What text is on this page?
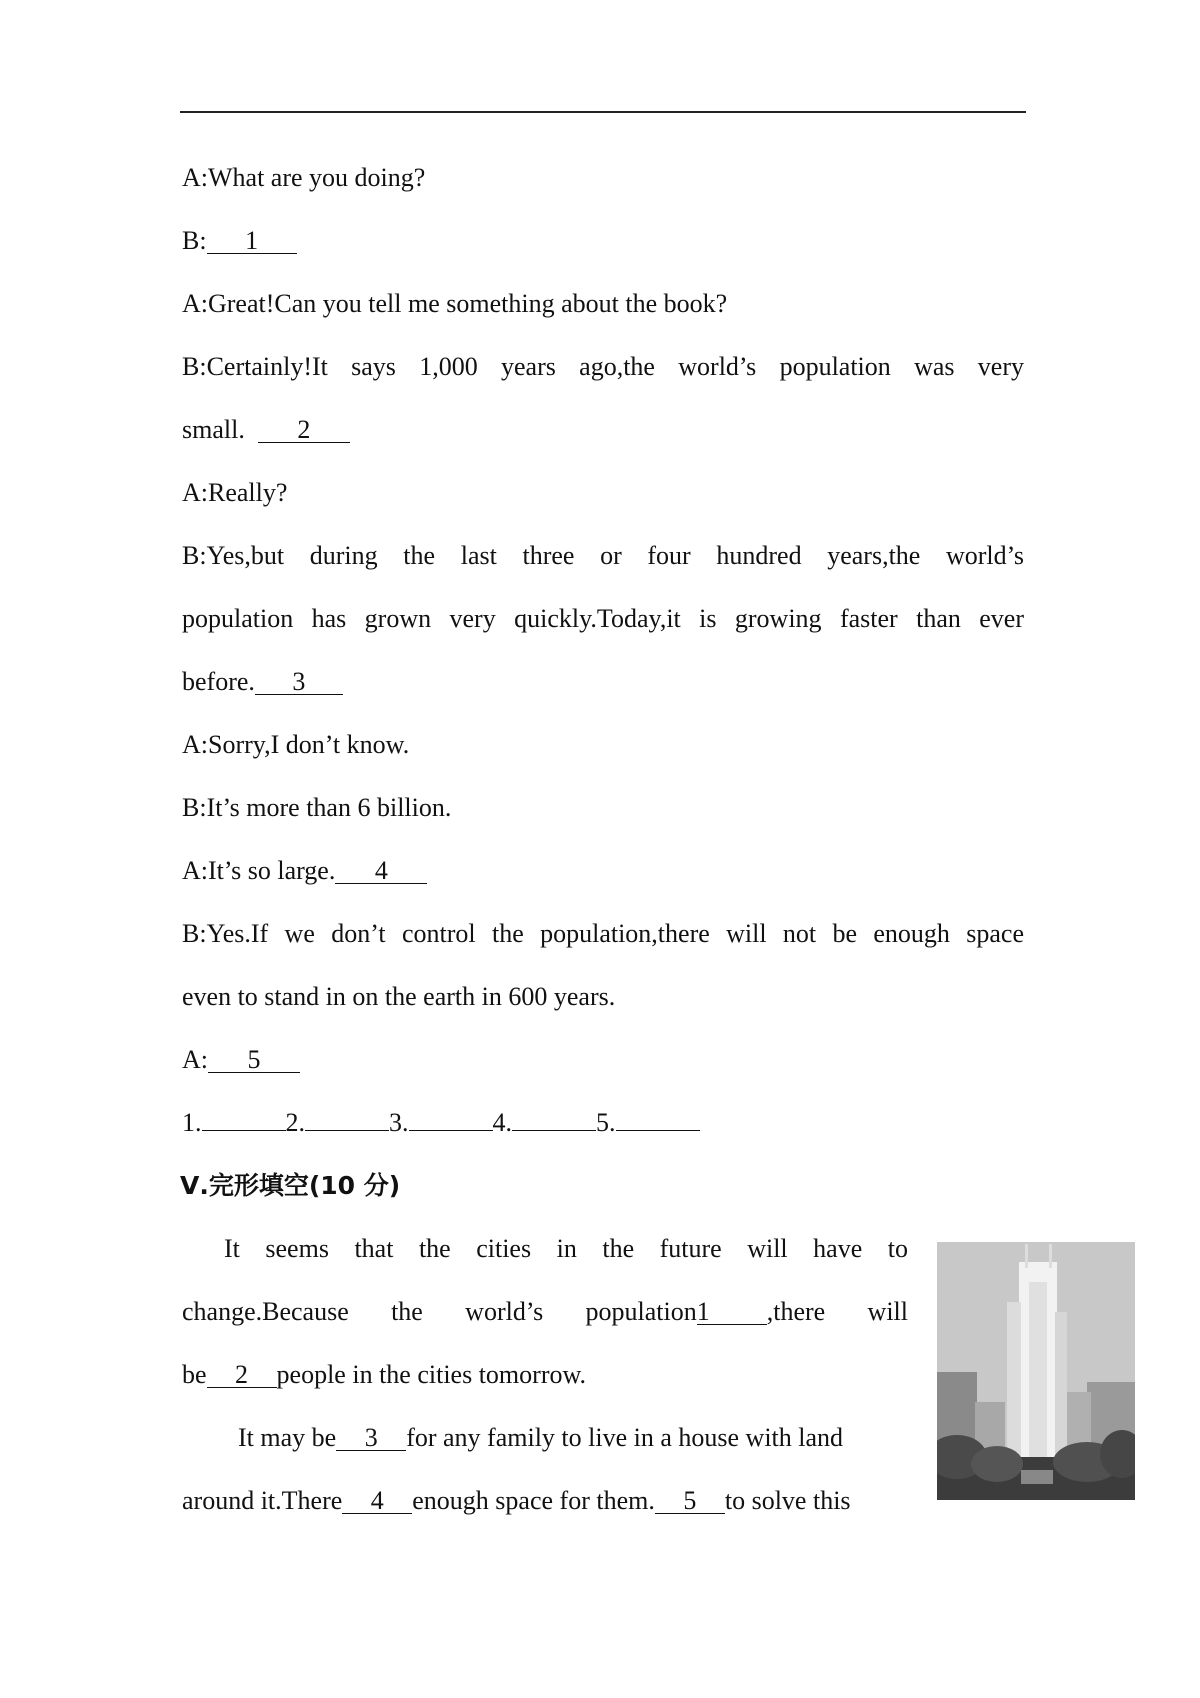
A:What are you doing?
B: 1
A:Great!Can you tell me something about the book?
B:Certainly!It says 1,000 years ago,the world’s population was very
small. 2
A:Really?
B:Yes,but during the last three or four hundred years,the world’s
population has grown very quickly.Today,it is growing faster than ever
before. 3
A:Sorry,I don’t know.
B:It’s more than 6 billion.
A:It’s so large. 4
B:Yes.If we don’t control the population,there will not be enough space
even to stand in on the earth in 600 years.
A: 5
1.	2.	3.	4.	5.
Ⅴ.完形填空(10 分)
It seems that the cities in the future will have to
change.Because the world’s population1 ,there will
be 2 people in the cities tomorrow.
It may be 3 for any family to live in a house with land
around it.There 4 enough space for them. 5 to solve this
